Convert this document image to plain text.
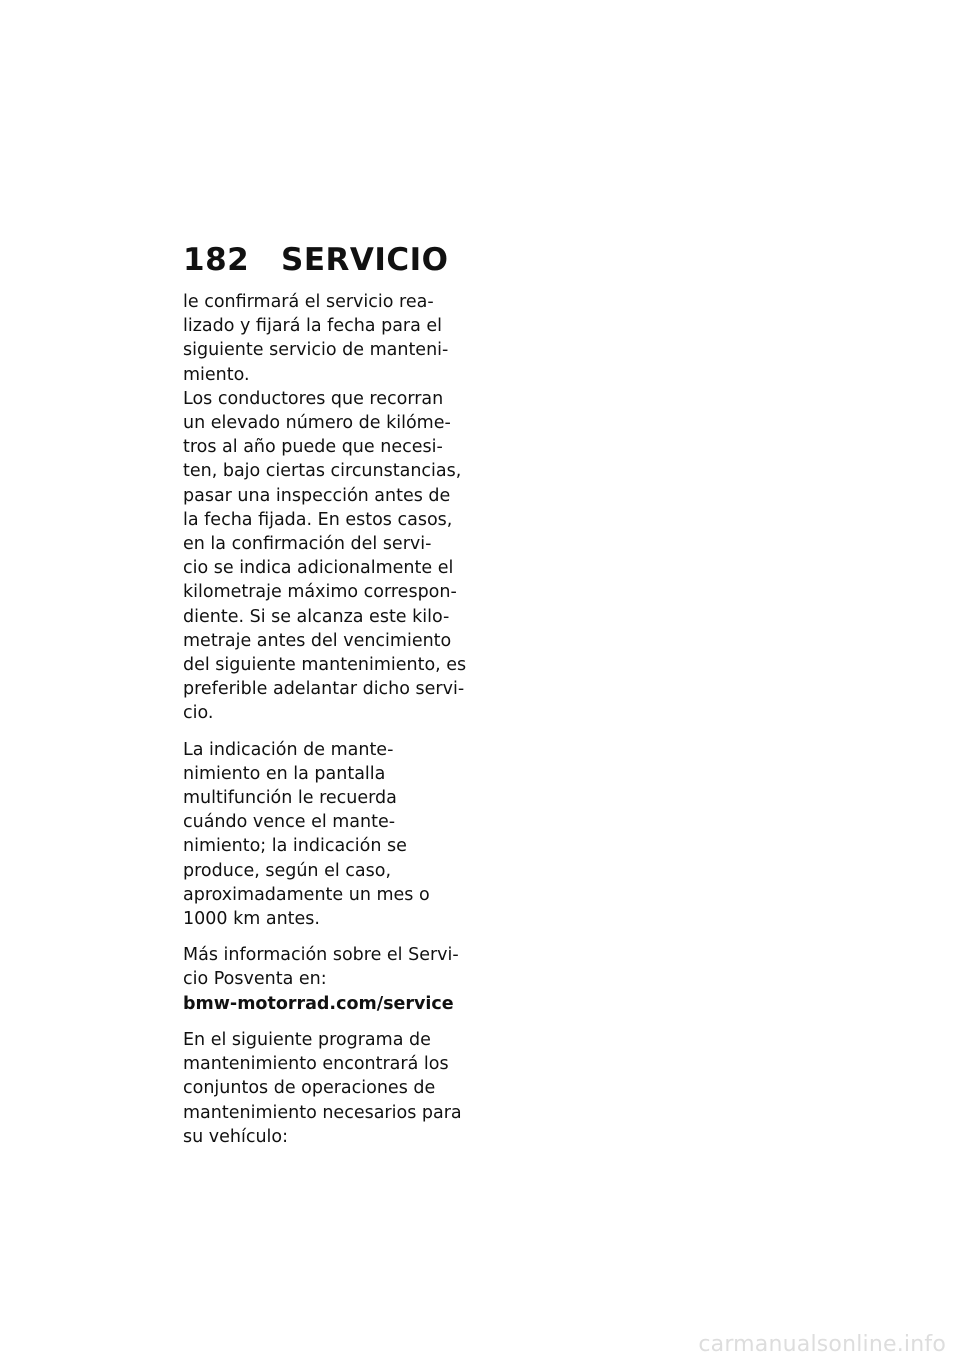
182 SERVICIO

le confirmará el servicio rea-
lizado y fijará la fecha para el
siguiente servicio de manteni-
miento.
Los conductores que recorran
un elevado número de kilóme-
tros al año puede que necesi-
ten, bajo ciertas circunstancias,
pasar una inspección antes de
la fecha fijada. En estos casos,
en la confirmación del servi-
cio se indica adicionalmente el
kilometraje máximo correspon-
diente. Si se alcanza este kilo-
metraje antes del vencimiento
del siguiente mantenimiento, es
preferible adelantar dicho servi-
cio.

La indicación de mante-
nimiento en la pantalla
multifunción le recuerda
cuándo vence el mante-
nimiento; la indicación se
produce, según el caso,
aproximadamente un mes o
1000 km antes.

Más información sobre el Servi-
cio Posventa en:
bmw-motorrad.com/service

En el siguiente programa de
mantenimiento encontrará los
conjuntos de operaciones de
mantenimiento necesarios para
su vehículo:

carmanualsonline.info
